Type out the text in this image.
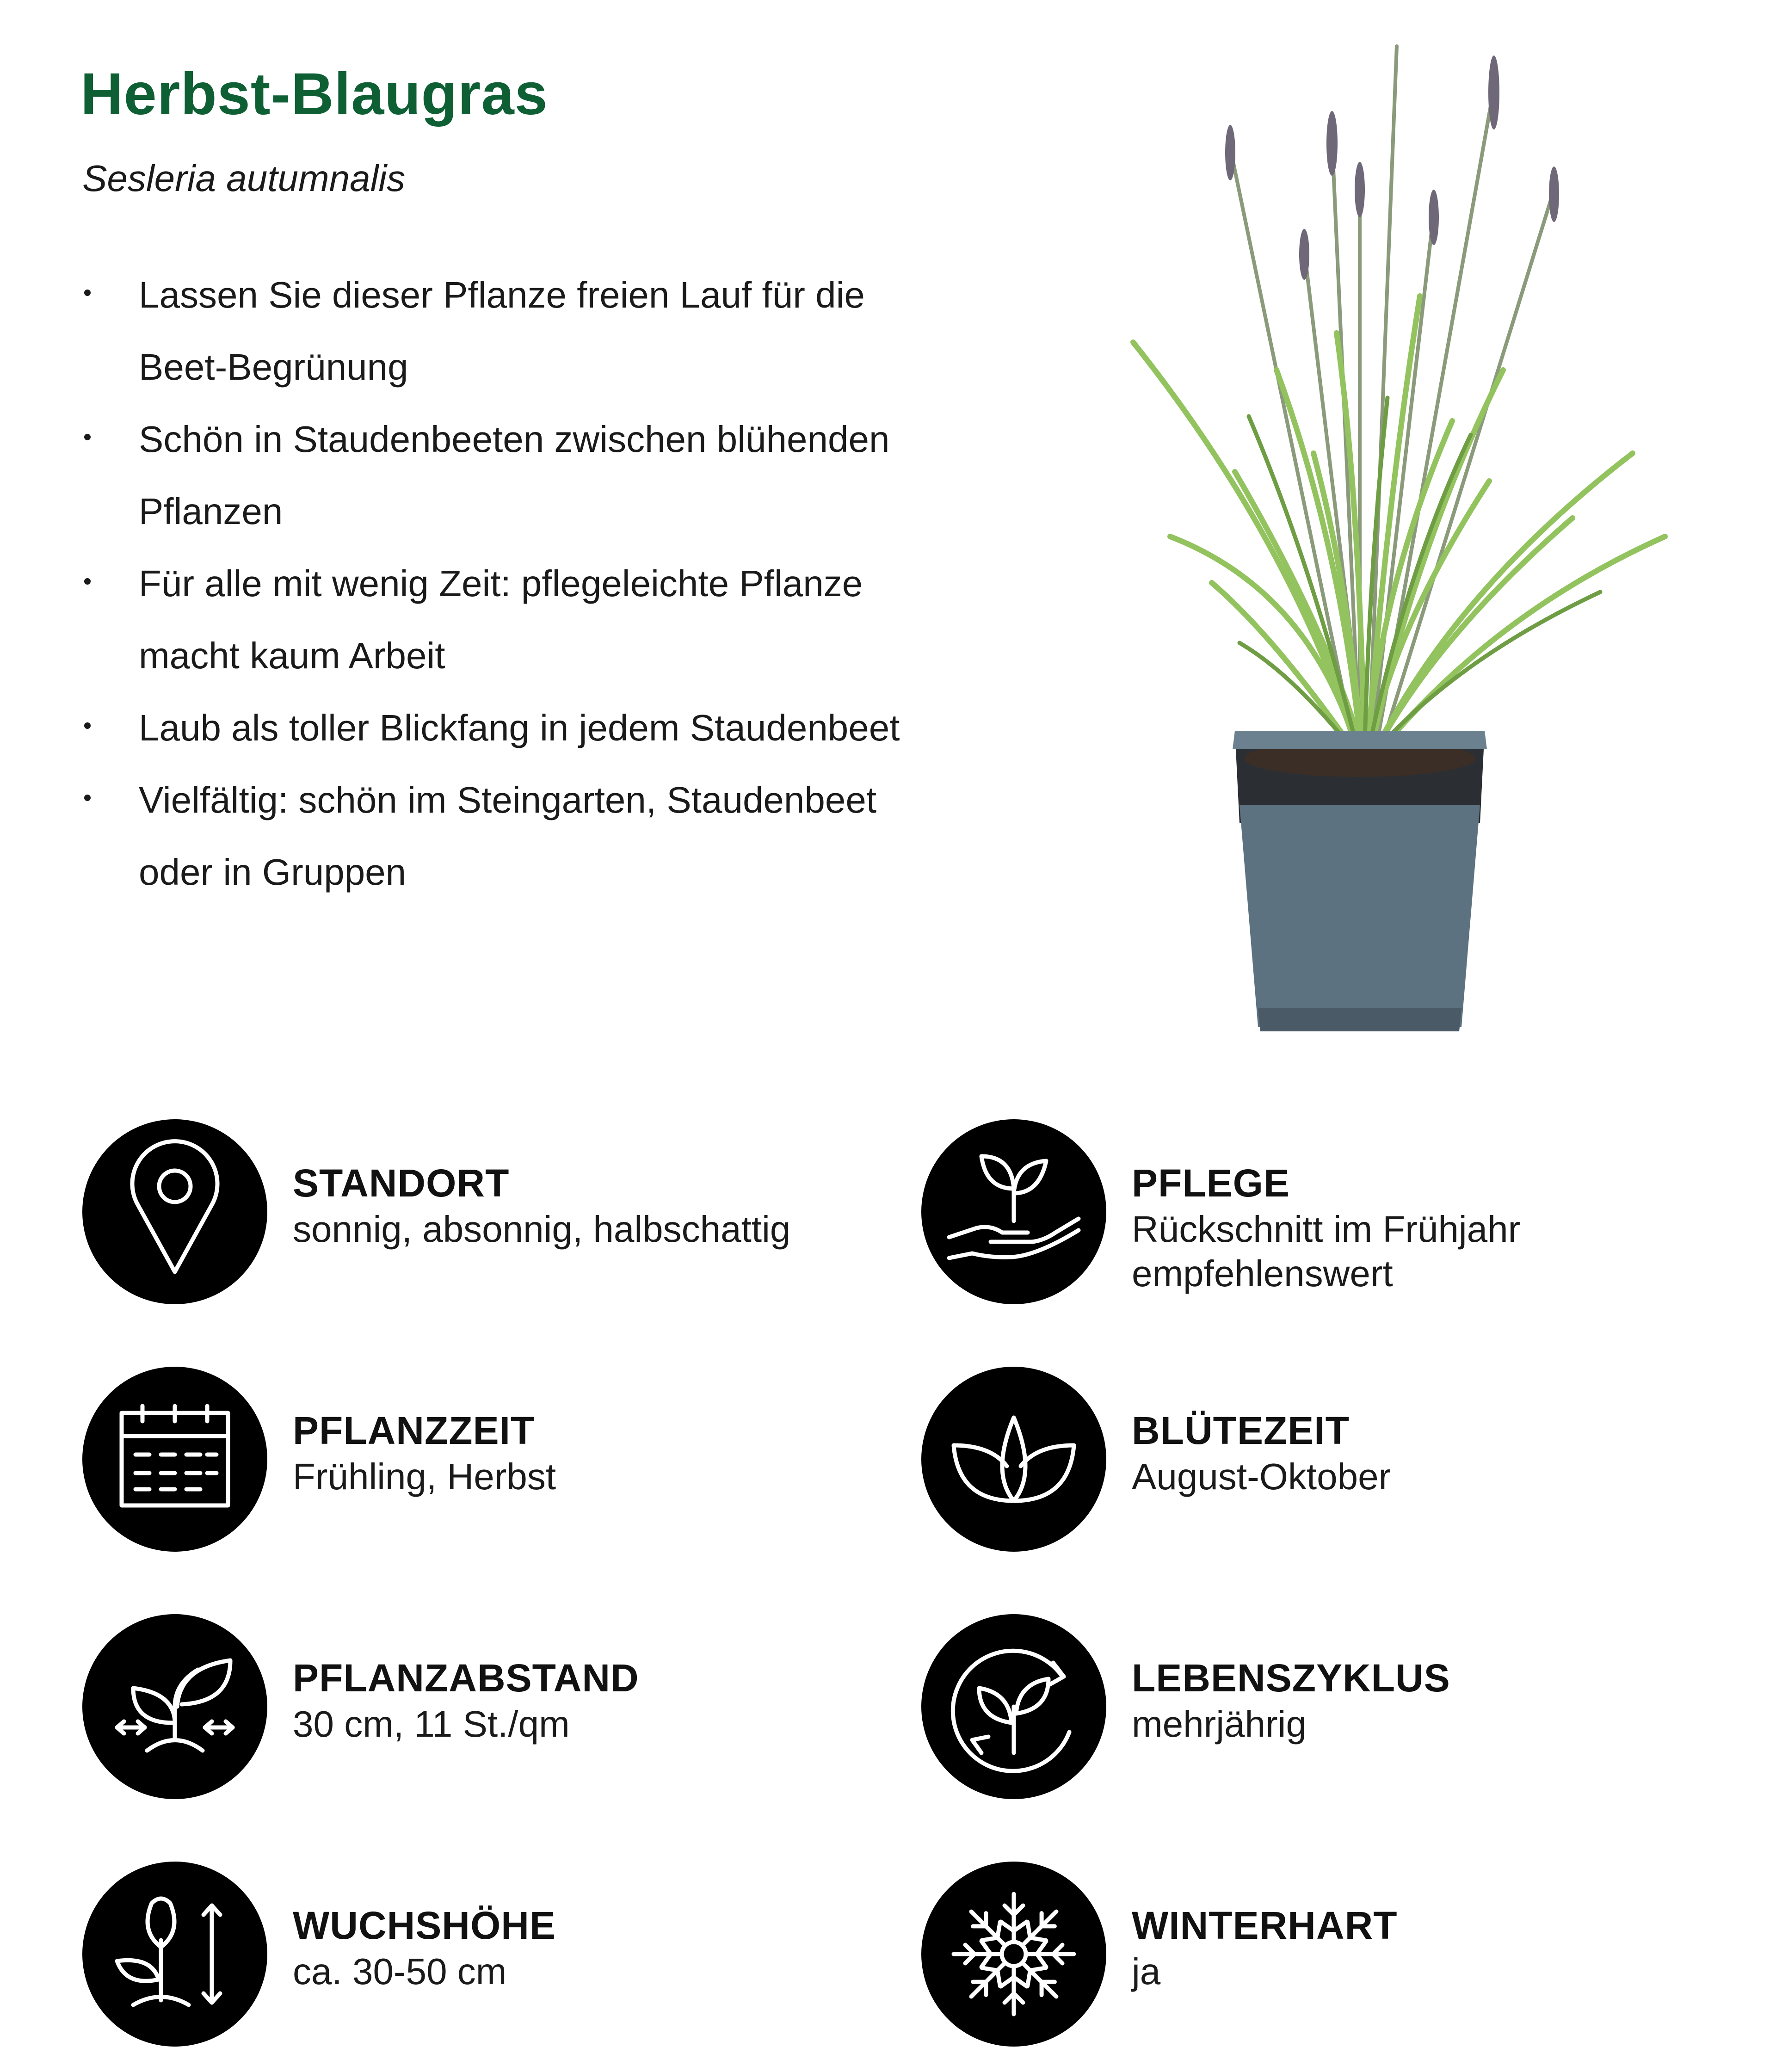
Herbst-Blaugras

Sesleria autumnalis

Lassen Sie dieser Pflanze freien Lauf für die Beet-Begrünung
Schön in Staudenbeeten zwischen blühenden Pflanzen
Für alle mit wenig Zeit: pflegeleichte Pflanze macht kaum Arbeit
Laub als toller Blickfang in jedem Staudenbeet
Vielfältig: schön im Steingarten, Staudenbeet oder in Gruppen

STANDORT

sonnig, absonnig, halbschattig

PFLEGE

Rückschnitt im Frühjahr empfehlenswert

PFLANZZEIT

Frühling, Herbst

BLÜTEZEIT

August-Oktober

PFLANZABSTAND

30 cm, 11 St./qm

LEBENSZYKLUS

mehrjährig

WUCHSHÖHE

ca. 30-50 cm

WINTERHART

ja
